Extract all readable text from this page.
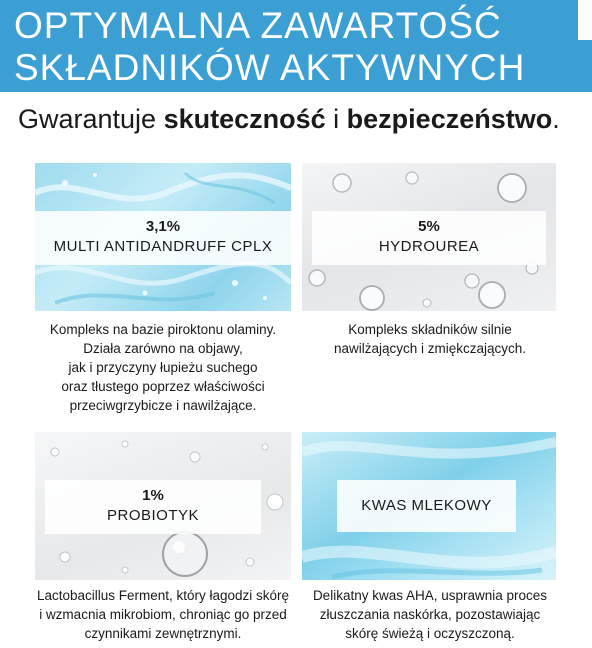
OPTYMALNA ZAWARTOŚĆ
SKŁADNIKÓW AKTYWNYCH
Gwarantuje skuteczność i bezpieczeństwo.
3,1%
MULTI ANTIDANDRUFF CPLX
5%
HYDROUREA
1%
PROBIOTYK
KWAS MLEKOWY
Kompleks na bazie piroktonu olaminy.
Działa zarówno na objawy,
jak i przyczyny łupieżu suchego
oraz tłustego poprzez właściwości
przeciwgrzybicze i nawilżające.
Kompleks składników silnie
nawilżających i zmiękczających.
Lactobacillus Ferment, który łagodzi skórę
i wzmacnia mikrobiom, chroniąc go przed
czynnikami zewnętrznymi.
Delikatny kwas AHA, usprawnia proces
złuszczania naskórka, pozostawiając
skórę świeżą i oczyszczoną.
